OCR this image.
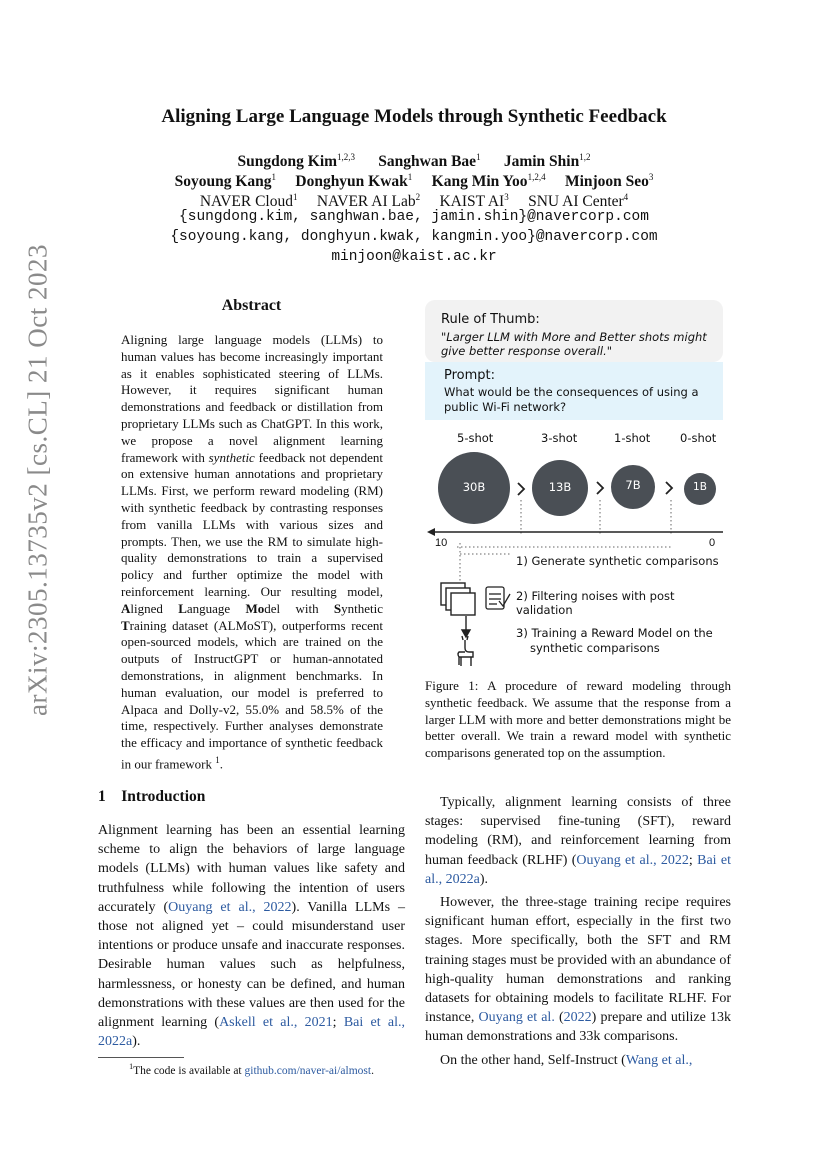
arXiv:2305.13735v2 [cs.CL] 21 Oct 2023
Aligning Large Language Models through Synthetic Feedback
Sungdong Kim$^{1,2,3}$ Sanghwan Bae$^1$ Jamin Shin$^{1,2}$
Soyoung Kang$^1$ Donghyun Kwak$^1$ Kang Min Yoo$^{1,2,4}$ Minjoon Seo$^3$
NAVER Cloud$^1$ NAVER AI Lab$^2$ KAIST $AI^3$ SNU AI Center$^4$
{sungdong.kim, sanghwan.bae, jamin.shin}@navercorp.com
{soyoung.kang, donghyun.kwak, kangmin.yoo}@navercorp.com
minjoon@kaist.ac.kr
Abstract
Aligning large language models (LLMs) to human values has become increasingly important as it enables sophisticated steering of LLMs. However, it requires significant human demonstrations and feedback or distillation from proprietary LLMs such as ChatGPT. In this work, we propose a novel alignment learning framework with synthetic feedback not dependent on extensive human annotations and proprietary LLMs. First, we perform reward modeling (RM) with synthetic feedback by contrasting responses from vanilla LLMs with various sizes and prompts. Then, we use the RM to simulate high-quality demonstrations to train a supervised policy and further optimize the model with reinforcement learning. Our resulting model, Aligned Language Model with Synthetic Training dataset (ALMoST), outperforms recent open-sourced models, which are trained on the outputs of InstructGPT or human-annotated demonstrations, in alignment benchmarks. In human evaluation, our model is preferred to Alpaca and Dolly-v2, 55.0% and 58.5% of the time, respectively. Further analyses demonstrate the efficacy and importance of synthetic feedback in our framework $^1$.
1 Introduction

Alignment learning has been an essential learning scheme to align the behaviors of large language models (LLMs) with human values like safety and truthfulness while following the intention of users accurately (Ouyang et al., 2022). Vanilla LLMs – those not aligned yet – could misunderstand user intentions or produce unsafe and inaccurate responses. Desirable human values such as helpfulness, harmlessness, or honesty can be defined, and human demonstrations with these values are then used for the alignment learning (Askell et al., 2021; Bai et al., 2022a).

$^1$The code is available at github.com/naver-ai/almost.
Rule of Thumb:
"Larger LLM with More and Better shots might give better response overall."
Prompt:
What would be the consequences of using a public Wi-Fi network?
5-shot	3-shot	1-shot	0-shot
30B	13B	7B	1B
10	0
1) Generate synthetic comparisons
2) Filtering noises with post validation
3) Training a Reward Model on the
synthetic comparisons
Figure 1: A procedure of reward modeling through synthetic feedback. We assume that the response from a larger LLM with more and better demonstrations might be better overall. We train a reward model with synthetic comparisons generated top on the assumption.

Typically, alignment learning consists of three stages: supervised fine-tuning (SFT), reward modeling (RM), and reinforcement learning from human feedback (RLHF) (Ouyang et al., 2022; Bai et al., 2022a).

However, the three-stage training recipe requires significant human effort, especially in the first two stages. More specifically, both the SFT and RM training stages must be provided with an abundance of high-quality human demonstrations and ranking datasets for obtaining models to facilitate RLHF. For instance, Ouyang et al. (2022) prepare and utilize 13k human demonstrations and 33k comparisons.

On the other hand, Self-Instruct (Wang et al.,
